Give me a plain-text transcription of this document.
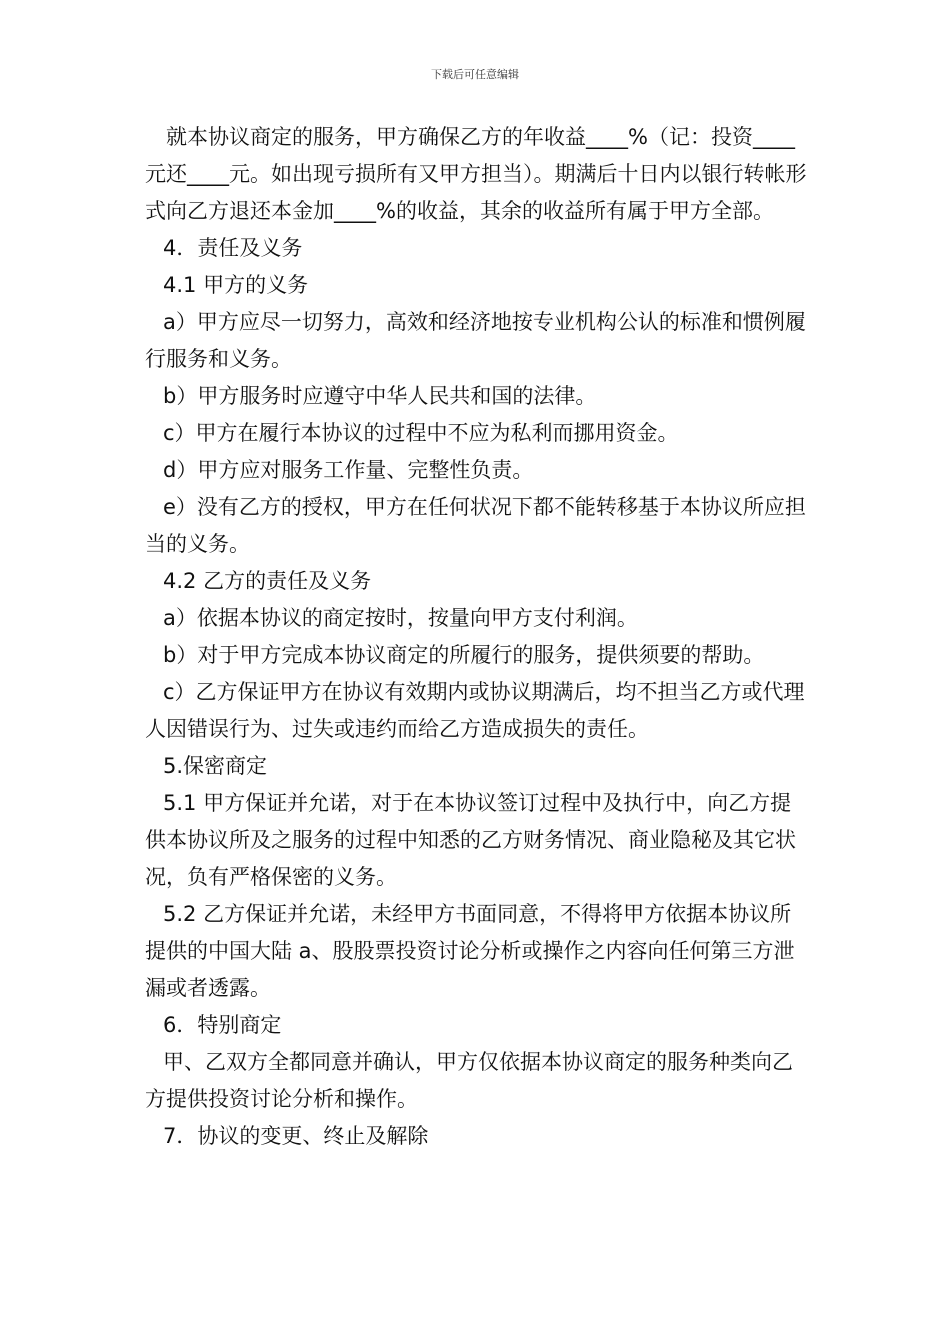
下载后可任意编辑

就本协议商定的服务，甲方确保乙方的年收益____%（记：投资____元还____元。如出现亏损所有又甲方担当）。期满后十日内以银行转帐形式向乙方退还本金加____%的收益，其余的收益所有属于甲方全部。

4．责任及义务

4.1 甲方的义务

a）甲方应尽一切努力，高效和经济地按专业机构公认的标准和惯例履行服务和义务。

b）甲方服务时应遵守中华人民共和国的法律。

c）甲方在履行本协议的过程中不应为私利而挪用资金。

d）甲方应对服务工作量、完整性负责。

e）没有乙方的授权，甲方在任何状况下都不能转移基于本协议所应担当的义务。

4.2 乙方的责任及义务

a）依据本协议的商定按时，按量向甲方支付利润。

b）对于甲方完成本协议商定的所履行的服务，提供须要的帮助。

c）乙方保证甲方在协议有效期内或协议期满后，均不担当乙方或代理人因错误行为、过失或违约而给乙方造成损失的责任。

5.保密商定

5.1 甲方保证并允诺，对于在本协议签订过程中及执行中，向乙方提供本协议所及之服务的过程中知悉的乙方财务情况、商业隐秘及其它状况，负有严格保密的义务。

5.2 乙方保证并允诺，未经甲方书面同意，不得将甲方依据本协议所提供的中国大陆 a、股股票投资讨论分析或操作之内容向任何第三方泄漏或者透露。

6．特别商定

甲、乙双方全都同意并确认，甲方仅依据本协议商定的服务种类向乙方提供投资讨论分析和操作。

7．协议的变更、终止及解除
